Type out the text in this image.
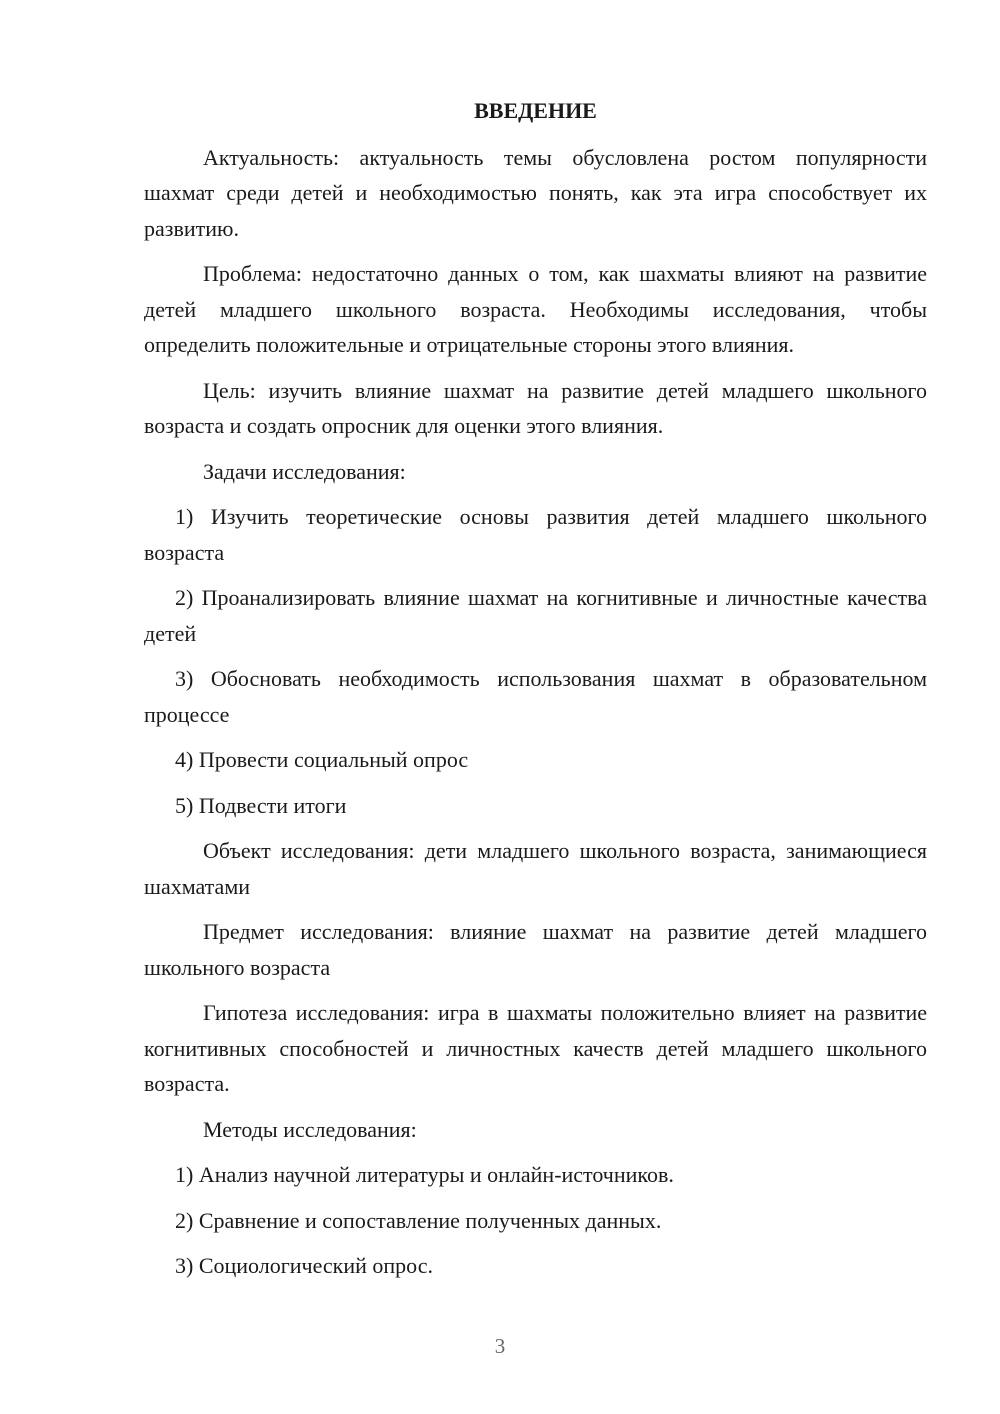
ВВЕДЕНИЕ

Актуальность: актуальность темы обусловлена ростом популярности шахмат среди детей и необходимостью понять, как эта игра способствует их развитию.

Проблема: недостаточно данных о том, как шахматы влияют на развитие детей младшего школьного возраста. Необходимы исследования, чтобы определить положительные и отрицательные стороны этого влияния.

Цель: изучить влияние шахмат на развитие детей младшего школьного возраста и создать опросник для оценки этого влияния.

Задачи исследования:

1) Изучить теоретические основы развития детей младшего школьного возраста

2) Проанализировать влияние шахмат на когнитивные и личностные качества детей

3) Обосновать необходимость использования шахмат в образовательном процессе

4) Провести социальный опрос

5) Подвести итоги

Объект исследования: дети младшего школьного возраста, занимающиеся шахматами

Предмет исследования: влияние шахмат на развитие детей младшего школьного возраста

Гипотеза исследования: игра в шахматы положительно влияет на развитие когнитивных способностей и личностных качеств детей младшего школьного возраста.

Методы исследования:

1) Анализ научной литературы и онлайн-источников.

2) Сравнение и сопоставление полученных данных.

3) Социологический опрос.

3
